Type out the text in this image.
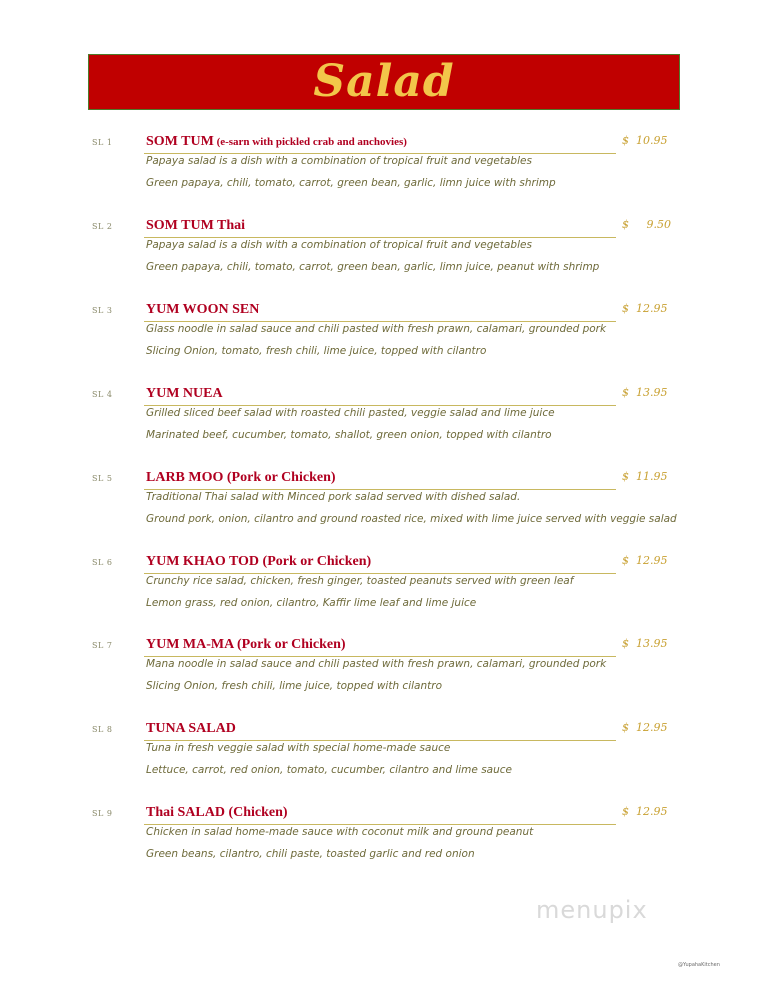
Salad
SL 1 SOM TUM (e-sarn with pickled crab and anchovies)	$  10.95
Papaya salad is a dish with a combination of tropical fruit and vegetables
Green papaya, chili, tomato, carrot, green bean, garlic, limn juice with shrimp
SL 2 SOM TUM Thai	$     9.50
Papaya salad is a dish with a combination of tropical fruit and vegetables
Green papaya, chili, tomato, carrot, green bean, garlic, limn juice, peanut with shrimp
SL 3 YUM WOON SEN	$  12.95
Glass noodle in salad sauce and chili pasted with fresh prawn, calamari, grounded pork
Slicing Onion, tomato, fresh chili, lime juice, topped with cilantro
SL 4 YUM NUEA	$  13.95
Grilled sliced beef salad with roasted chili pasted, veggie salad and lime juice
Marinated beef, cucumber, tomato, shallot, green onion, topped with cilantro
SL 5 LARB MOO (Pork or Chicken)	$  11.95
Traditional Thai salad with Minced pork salad served with dished salad.
Ground pork, onion, cilantro and ground roasted rice, mixed with lime juice served with veggie salad
SL 6 YUM KHAO TOD (Pork or Chicken)	$  12.95
Crunchy rice salad, chicken, fresh ginger, toasted peanuts served with green leaf
Lemon grass, red onion, cilantro, Kaffir lime leaf and lime juice
SL 7 YUM MA-MA (Pork or Chicken)	$  13.95
Mana noodle in salad sauce and chili pasted with fresh prawn, calamari, grounded pork
Slicing Onion, fresh chili, lime juice, topped with cilantro
SL 8 TUNA SALAD	$  12.95
Tuna in fresh veggie salad with special home-made sauce
Lettuce, carrot, red onion, tomato, cucumber, cilantro and lime sauce
SL 9 Thai SALAD (Chicken)	$  12.95
Chicken in salad home-made sauce with coconut milk and ground peanut
Green beans, cilantro, chili paste, toasted garlic and red onion
menupix
@YupahaKitchen
